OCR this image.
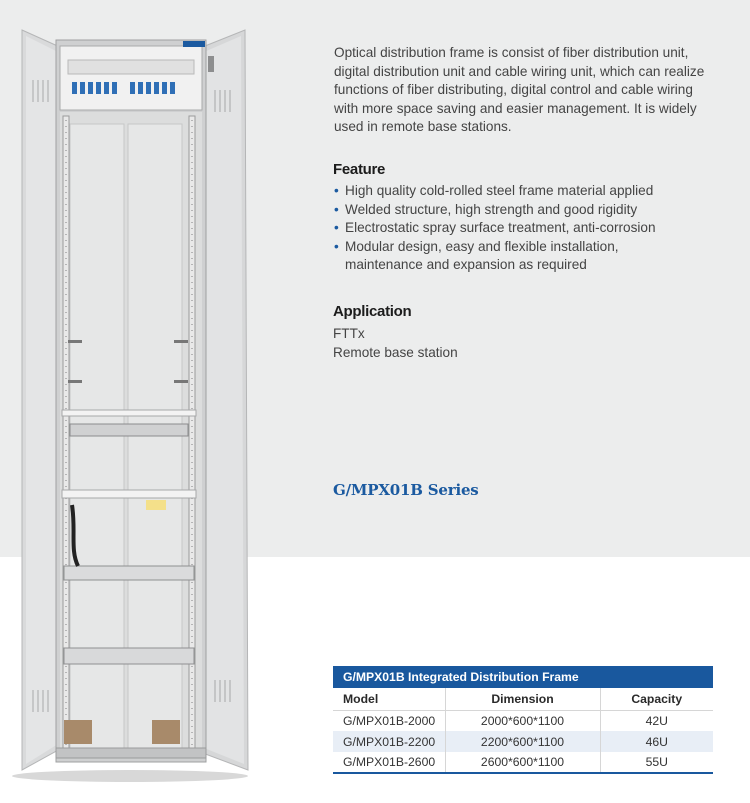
Optical distribution frame is consist of fiber distribution unit, digital distribution unit and cable wiring unit, which can realize functions of fiber distributing, digital control and cable wiring with more space saving and easier management. It is widely used in remote base stations.

Feature
• High quality cold-rolled steel frame material applied
• Welded structure, high strength and good rigidity
• Electrostatic spray surface treatment, anti-corrosion
• Modular design, easy and flexible installation, maintenance and expansion as required
Application
FTTx
Remote base station
G/MPX01B Series
G/MPX01B Integrated Distribution Frame		
Model	Dimension	Capacity
G/MPX01B-2000	2000*600*1100	42U
G/MPX01B-2200	2200*600*1100	46U
G/MPX01B-2600	2600*600*1100	55U
